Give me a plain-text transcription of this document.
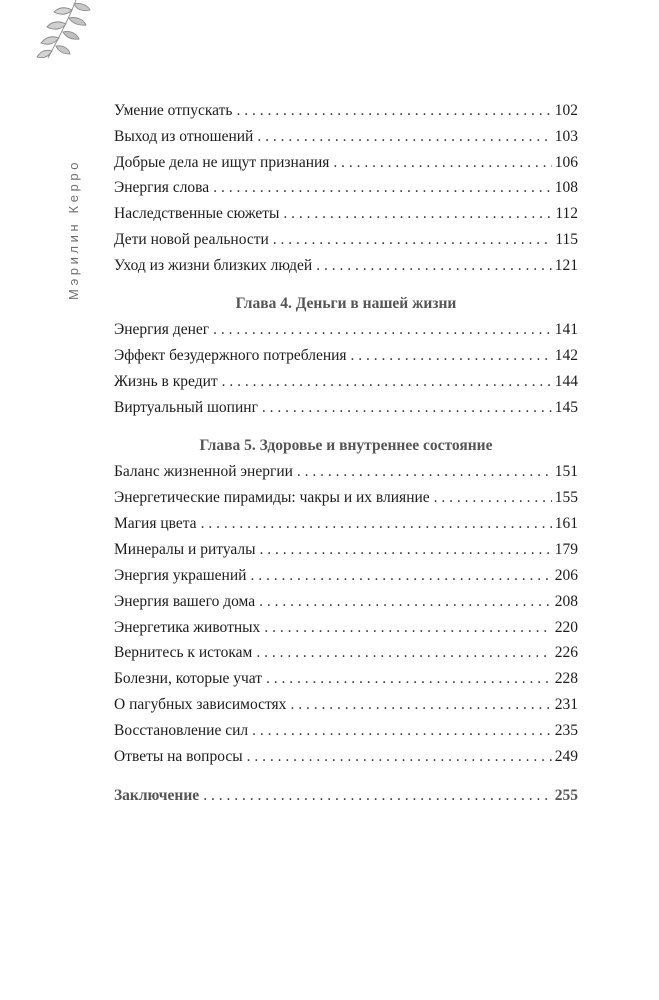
Мэрилин Керро
Умение отпускать . . .	102
Выход из отношений . . .	103
Добрые дела не ищут признания . . .	106
Энергия слова . . .	108
Наследственные сюжеты . . .	112
Дети новой реальности . . .	115
Уход из жизни близких людей . . .	121
Глава 4. Деньги в нашей жизни
Энергия денег . . .	141
Эффект безудержного потребления . . .	142
Жизнь в кредит . . .	144
Виртуальный шопинг . . .	145
Глава 5. Здоровье и внутреннее состояние
Баланс жизненной энергии . . .	151
Энергетические пирамиды: чакры и их влияние . . .	155
Магия цвета . . .	161
Минералы и ритуалы . . .	179
Энергия украшений . . .	206
Энергия вашего дома . . .	208
Энергетика животных . . .	220
Вернитесь к истокам . . .	226
Болезни, которые учат . . .	228
О пагубных зависимостях . . .	231
Восстановление сил . . .	235
Ответы на вопросы . . .	249
Заключение . . .	255
